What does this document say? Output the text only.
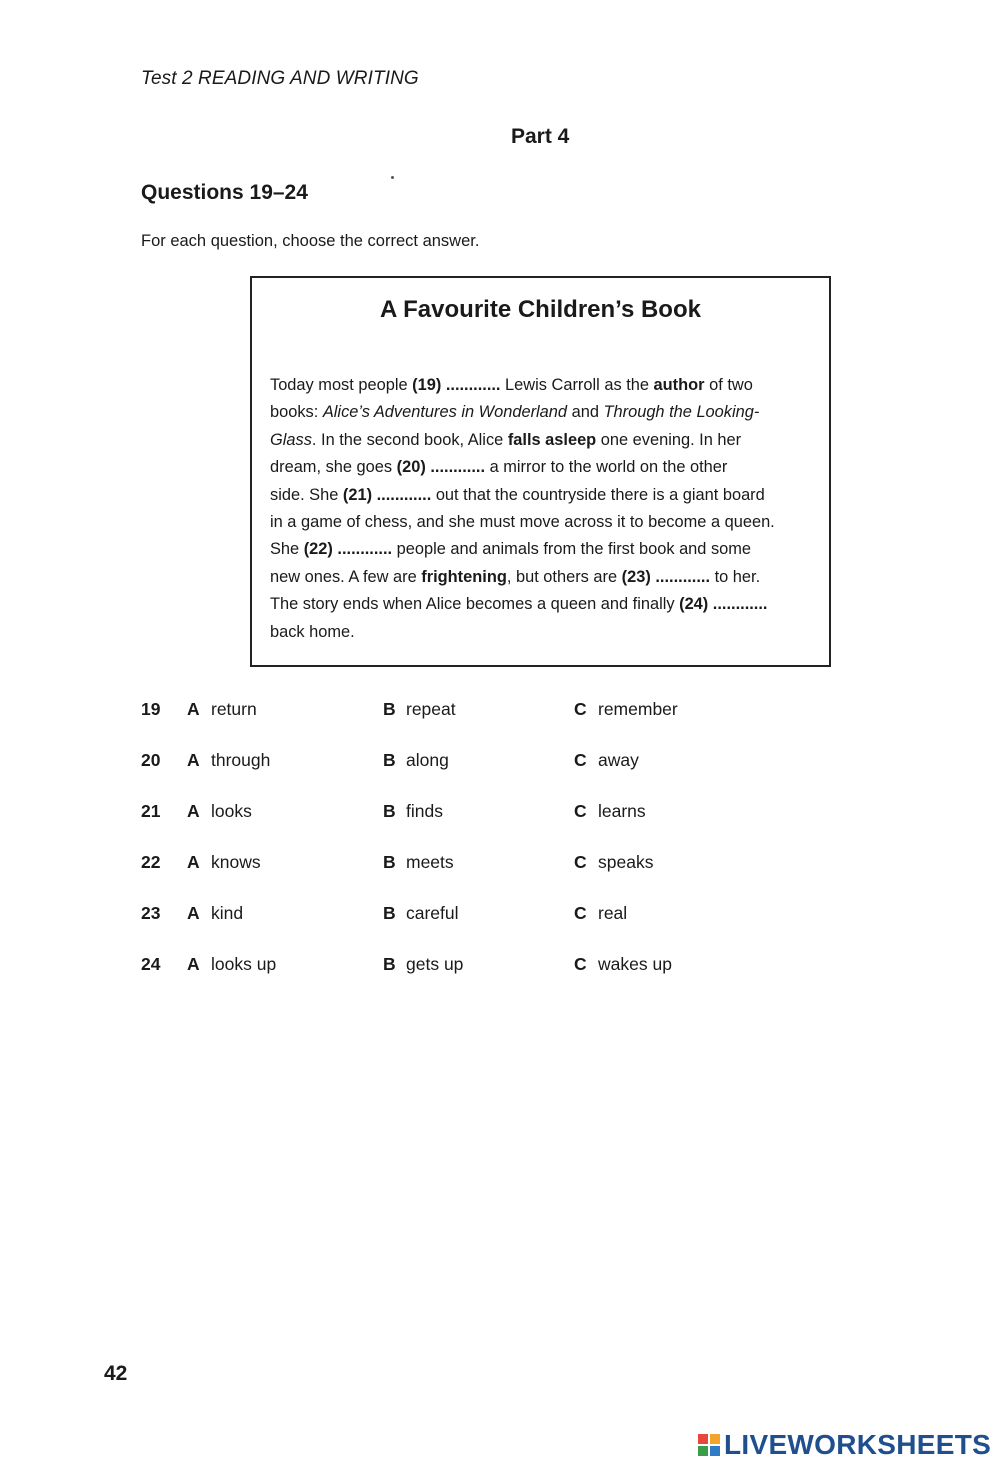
Test 2 READING AND WRITING
Part 4
Questions 19–24
For each question, choose the correct answer.
A Favourite Children’s Book
Today most people (19) ............ Lewis Carroll as the author of two
books: Alice’s Adventures in Wonderland and Through the Looking-
Glass. In the second book, Alice falls asleep one evening. In her
dream, she goes (20) ............ a mirror to the world on the other
side. She (21) ............ out that the countryside there is a giant board
in a game of chess, and she must move across it to become a queen.
She (22) ............ people and animals from the first book and some
new ones. A few are frightening, but others are (23) ............ to her.
The story ends when Alice becomes a queen and finally (24) ............
back home.
19 A return	B repeat	C remember
20 A through	B along	C away
21 A looks	B finds	C learns
22 A knows	B meets	C speaks
23 A kind	B careful	C real
24 A looks up	B gets up	C wakes up
42
LIVEWORKSHEETS
